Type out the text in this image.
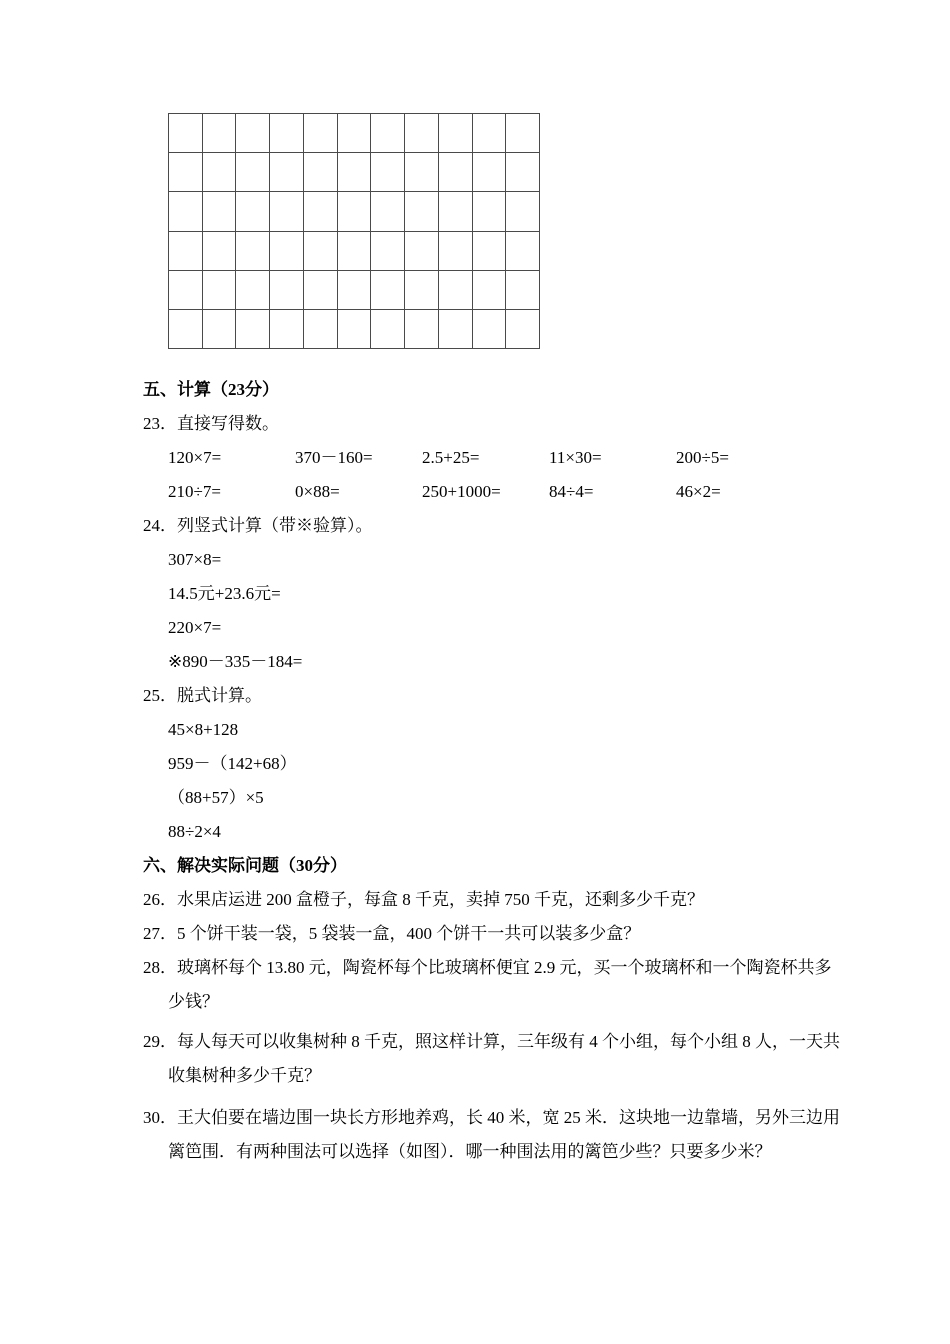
五、计算（23分）
23．直接写得数。
120×7=	370－160=	2.5+25=	11×30=	200÷5=
210÷7=	0×88=	250+1000=	84÷4=	46×2=
24．列竖式计算（带※验算）。
307×8=
14.5元+23.6元=
220×7=
※890－335－184=
25．脱式计算。
45×8+128
959－（142+68）
（88+57）×5
88÷2×4
六、解决实际问题（30分）
26．水果店运进 200 盒橙子，每盒 8 千克，卖掉 750 千克，还剩多少千克？
27．5 个饼干装一袋，5 袋装一盒，400 个饼干一共可以装多少盒？
28．玻璃杯每个 13.80 元，陶瓷杯每个比玻璃杯便宜 2.9 元，买一个玻璃杯和一个陶瓷杯共多
少钱？
29．每人每天可以收集树种 8 千克，照这样计算，三年级有 4 个小组，每个小组 8 人，一天共
收集树种多少千克？
30．王大伯要在墙边围一块长方形地养鸡，长 40 米，宽 25 米．这块地一边靠墙，另外三边用
篱笆围．有两种围法可以选择（如图）．哪一种围法用的篱笆少些？只要多少米？
